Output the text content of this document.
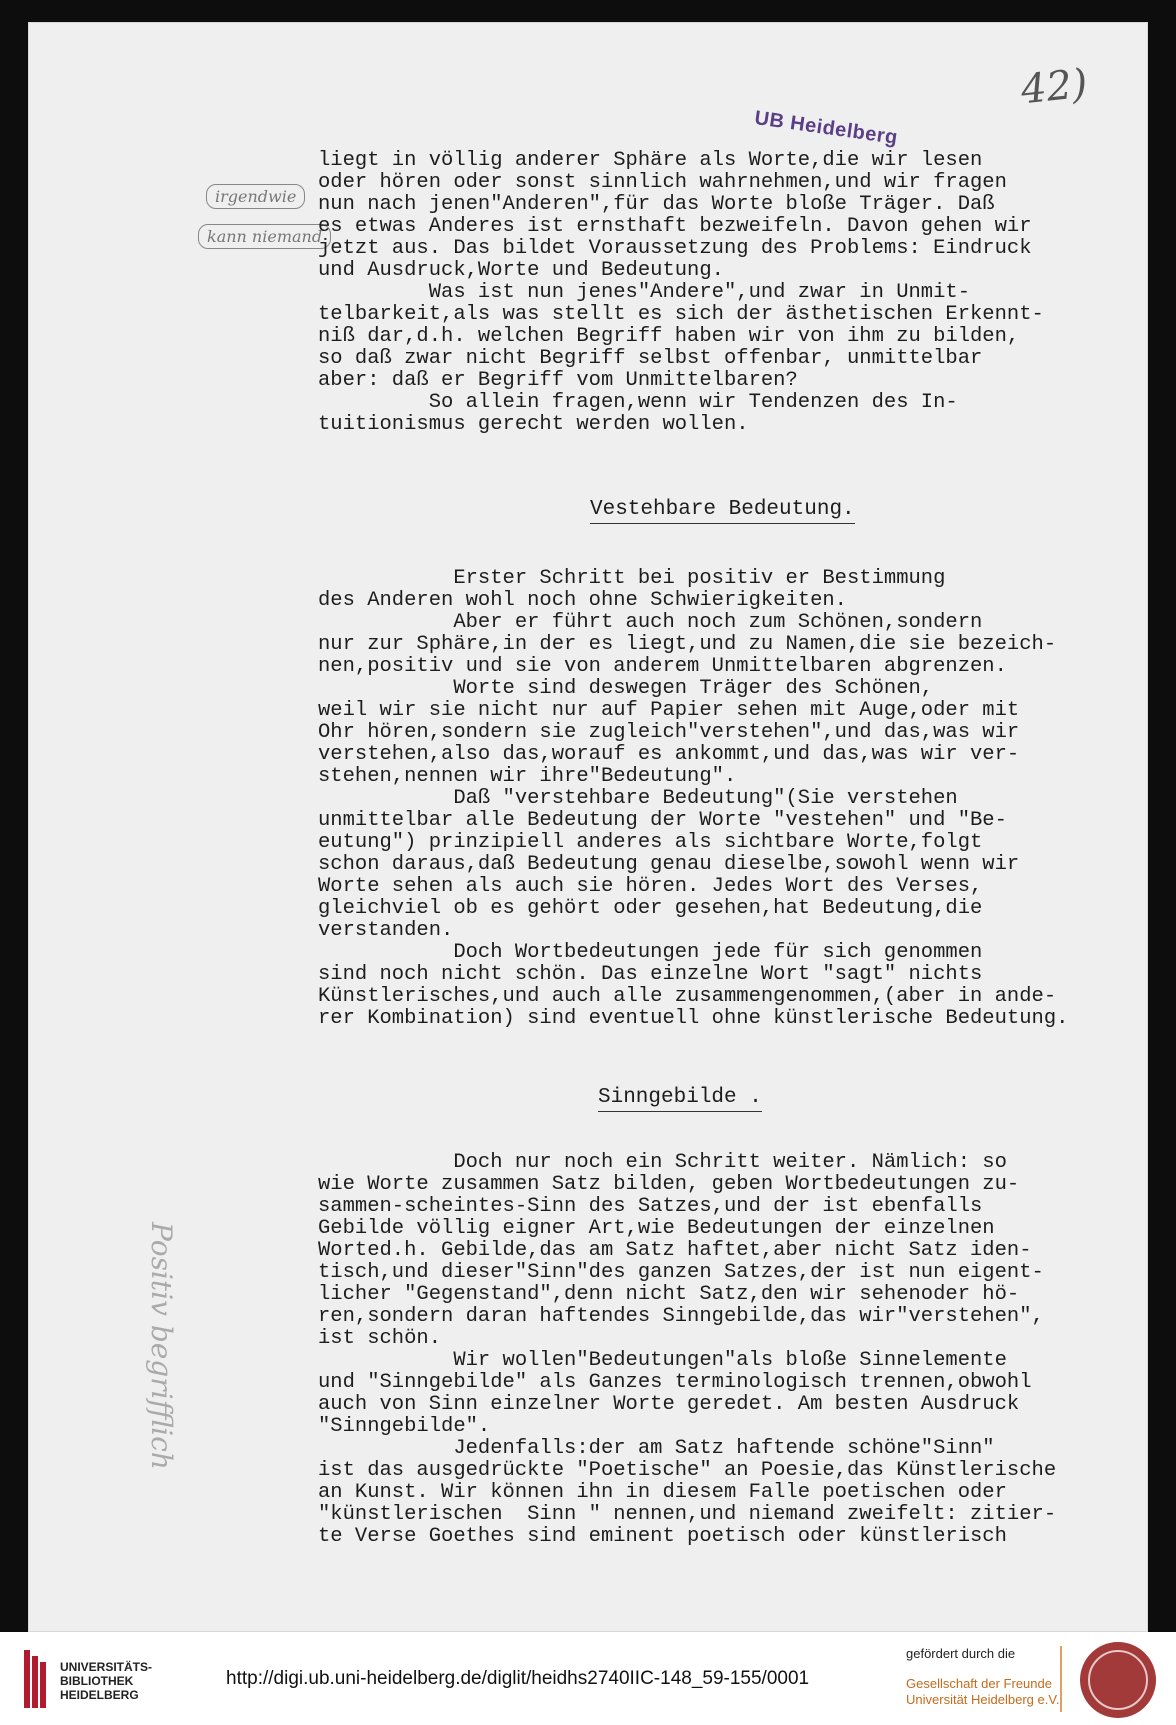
42)
UB Heidelberg
irgendwie
kann niemand
liegt in völlig anderer Sphäre als Worte,die wir lesen
oder hören oder sonst sinnlich wahrnehmen,und wir fragen
nun nach jenen"Anderen",für das Worte bloße Träger. Daß
es etwas Anderes ist ernsthaft bezweifeln. Davon gehen wir
jetzt aus. Das bildet Voraussetzung des Problems: Eindruck
und Ausdruck,Worte und Bedeutung.
Was ist nun jenes"Andere",und zwar in Unmit-
telbarkeit,als was stellt es sich der ästhetischen Erkennt-
niß dar,d.h. welchen Begriff haben wir von ihm zu bilden,
so daß zwar nicht Begriff selbst offenbar, unmittelbar
aber: daß er Begriff vom Unmittelbaren?
So allein fragen,wenn wir Tendenzen des In-
tuitionismus gerecht werden wollen.
Vestehbare Bedeutung.
Erster Schritt bei positiv er Bestimmung
des Anderen wohl noch ohne Schwierigkeiten.
Aber er führt auch noch zum Schönen,sondern
nur zur Sphäre,in der es liegt,und zu Namen,die sie bezeich-
nen,positiv und sie von anderem Unmittelbaren abgrenzen.
Worte sind deswegen Träger des Schönen,
weil wir sie nicht nur auf Papier sehen mit Auge,oder mit
Ohr hören,sondern sie zugleich"verstehen",und das,was wir
verstehen,also das,worauf es ankommt,und das,was wir ver-
stehen,nennen wir ihre"Bedeutung".
Daß "verstehbare Bedeutung"(Sie verstehen
unmittelbar alle Bedeutung der Worte "vestehen" und "Be-
eutung") prinzipiell anderes als sichtbare Worte,folgt
schon daraus,daß Bedeutung genau dieselbe,sowohl wenn wir
Worte sehen als auch sie hören. Jedes Wort des Verses,
gleichviel ob es gehört oder gesehen,hat Bedeutung,die
verstanden.
Doch Wortbedeutungen jede für sich genommen
sind noch nicht schön. Das einzelne Wort "sagt" nichts
Künstlerisches,und auch alle zusammengenommen,(aber in ande-
rer Kombination) sind eventuell ohne künstlerische Bedeutung.
Sinngebilde .
Positiv begrifflich
Doch nur noch ein Schritt weiter. Nämlich: so
wie Worte zusammen Satz bilden, geben Wortbedeutungen zu-
sammen-scheintes-Sinn des Satzes,und der ist ebenfalls
Gebilde völlig eigner Art,wie Bedeutungen der einzelnen
Worted.h. Gebilde,das am Satz haftet,aber nicht Satz iden-
tisch,und dieser"Sinn"des ganzen Satzes,der ist nun eigent-
licher "Gegenstand",denn nicht Satz,den wir sehenoder hö-
ren,sondern daran haftendes Sinngebilde,das wir"verstehen",
ist schön.
Wir wollen"Bedeutungen"als bloße Sinnelemente
und "Sinngebilde" als Ganzes terminologisch trennen,obwohl
auch von Sinn einzelner Worte geredet. Am besten Ausdruck
"Sinngebilde".
Jedenfalls:der am Satz haftende schöne"Sinn"
ist das ausgedrückte "Poetische" an Poesie,das Künstlerische
an Kunst. Wir können ihn in diesem Falle poetischen oder
"künstlerischen  Sinn " nennen,und niemand zweifelt: zitier-
te Verse Goethes sind eminent poetisch oder künstlerisch
UNIVERSITÄTS-
BIBLIOTHEK
HEIDELBERG
http://digi.ub.uni-heidelberg.de/diglit/heidhs2740IIC-148_59-155/0001
gefördert durch die
Gesellschaft der Freunde
Universität Heidelberg e.V.
